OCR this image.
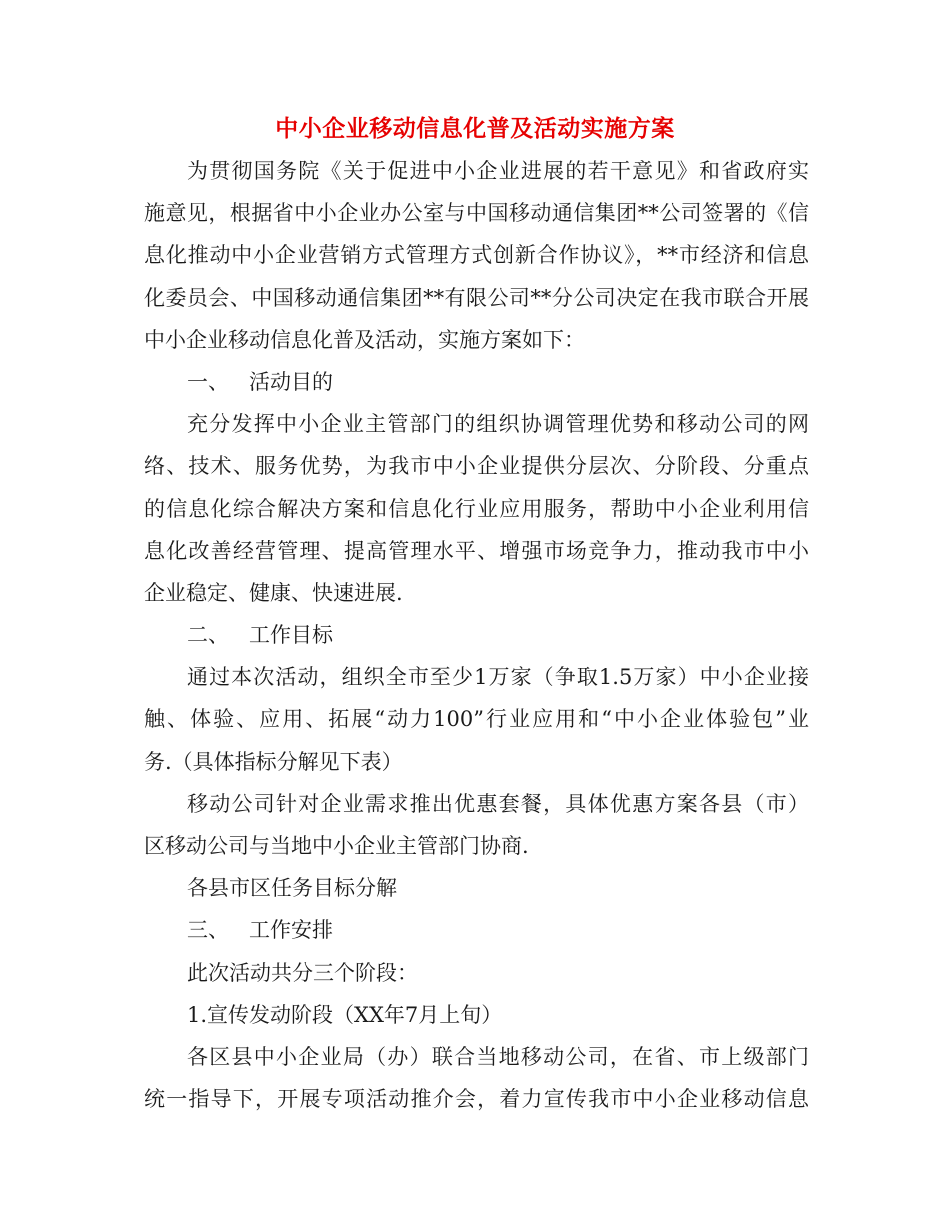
中小企业移动信息化普及活动实施方案
为贯彻国务院《关于促进中小企业进展的若干意见》和省政府实
施意见，根据省中小企业办公室与中国移动通信集团**公司签署的《信
息化推动中小企业营销方式管理方式创新合作协议》，**市经济和信息
化委员会、中国移动通信集团**有限公司**分公司决定在我市联合开展
中小企业移动信息化普及活动，实施方案如下：
一、   活动目的
充分发挥中小企业主管部门的组织协调管理优势和移动公司的网
络、技术、服务优势，为我市中小企业提供分层次、分阶段、分重点
的信息化综合解决方案和信息化行业应用服务，帮助中小企业利用信
息化改善经营管理、提高管理水平、增强市场竞争力，推动我市中小
企业稳定、健康、快速进展.
二、   工作目标
通过本次活动，组织全市至少1万家（争取1.5万家）中小企业接
触、体验、应用、拓展“动力100”行业应用和“中小企业体验包”业
务.（具体指标分解见下表）
移动公司针对企业需求推出优惠套餐，具体优惠方案各县（市）
区移动公司与当地中小企业主管部门协商.
各县市区任务目标分解
三、   工作安排
此次活动共分三个阶段：
1.宣传发动阶段（XX年7月上旬）
各区县中小企业局（办）联合当地移动公司，在省、市上级部门
统一指导下，开展专项活动推介会，着力宣传我市中小企业移动信息
